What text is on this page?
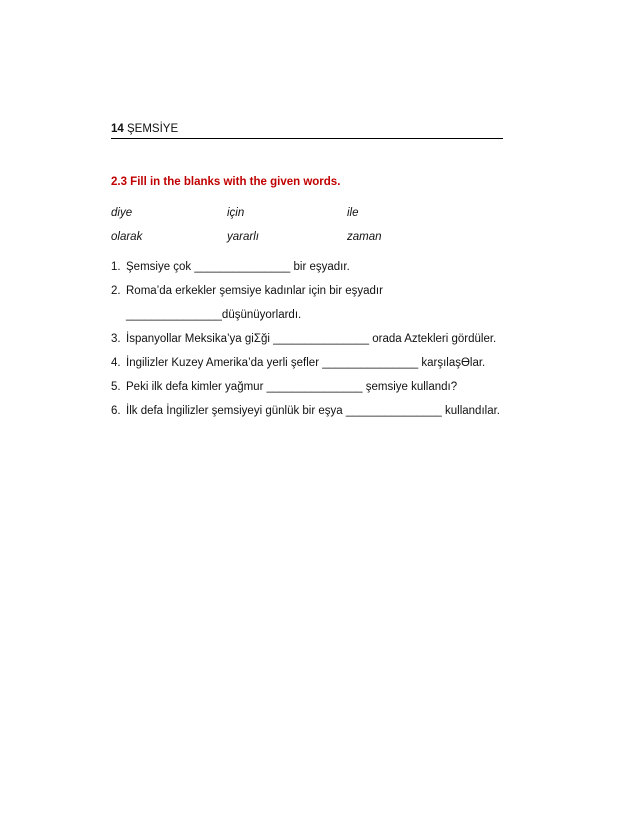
14 ŞEMSİYE
2.3 Fill in the blanks with the given words.
diye	için	ile
olarak	yararlı	zaman
1. Şemsiye çok _______________ bir eşyadır.
2. Roma’da erkekler şemsiye kadınlar için bir eşyadır
_______________düşünüyorlardı.
3. İspanyollar Meksika’ya giƩği _______________ orada Aztekleri gördüler.
4. İngilizler Kuzey Amerika’da yerli şefler _______________ karşılaşƟlar.
5. Peki ilk defa kimler yağmur _______________ şemsiye kullandı?
6. İlk defa İngilizler şemsiyeyi günlük bir eşya _______________ kullandılar.
